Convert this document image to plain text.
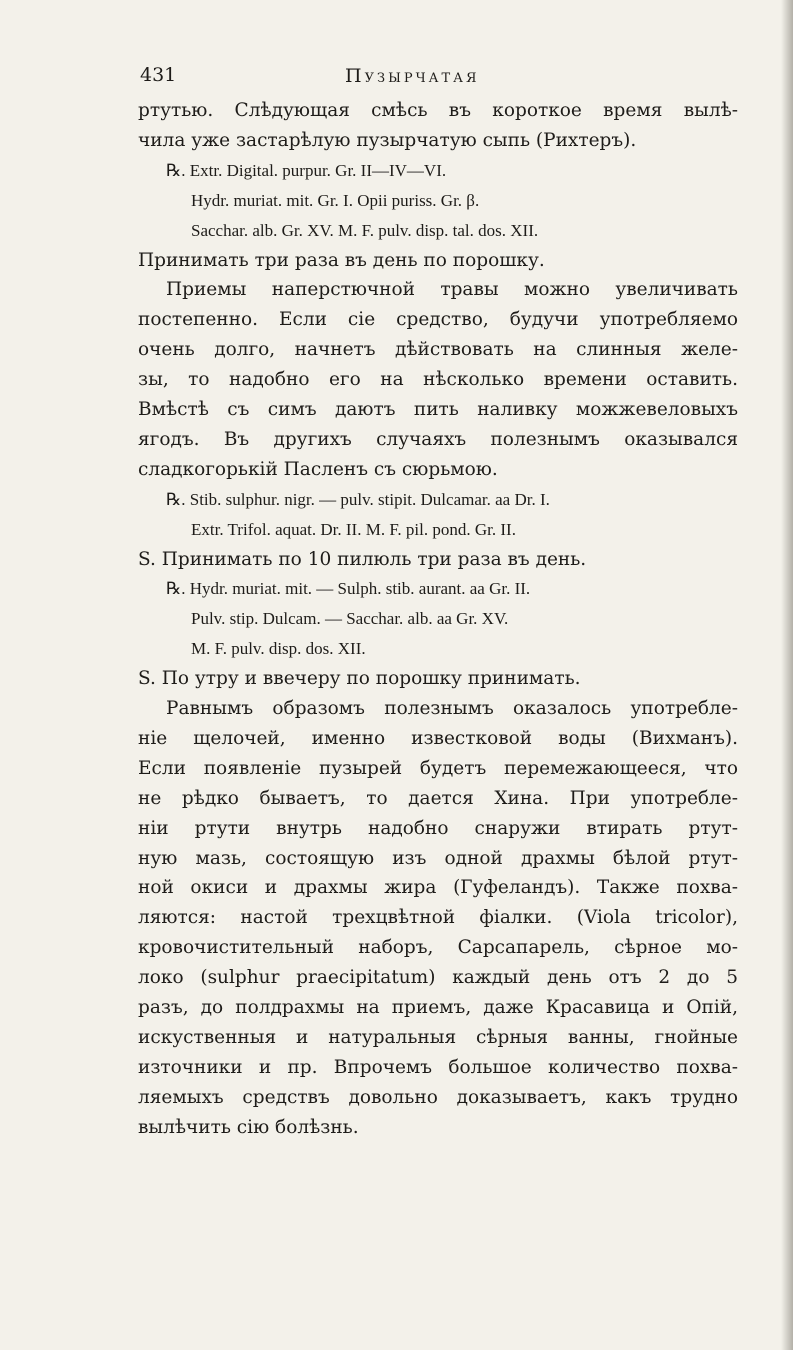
431	Пузырчатая
ртутью. Слѣдующая смѣсь въ короткое время вылѣ-
чила уже застарѣлую пузырчатую сыпь (Рихтеръ).
℞. Extr. Digital. purpur. Gr. II—IV—VI.
Hydr. muriat. mit. Gr. I. Opii puriss. Gr. β.
Sacchar. alb. Gr. XV. M. F. pulv. disp. tal. dos. XII.
Принимать три раза въ день по порошку.
Приемы наперстючной травы можно увеличивать
постепенно. Если сіе средство, будучи употребляемо
очень долго, начнетъ дѣйствовать на слинныя желе-
зы, то надобно его на нѣсколько времени оставить.
Вмѣстѣ съ симъ даютъ пить наливку можжевеловыхъ
ягодъ. Въ другихъ случаяхъ полезнымъ оказывался
сладкогорькій Пасленъ съ сюрьмою.
℞. Stib. sulphur. nigr. — pulv. stipit. Dulcamar. aa Dr. I.
Extr. Trifol. aquat. Dr. II. M. F. pil. pond. Gr. II.
S. Принимать по 10 пилюль три раза въ день.
℞. Hydr. muriat. mit. — Sulph. stib. aurant. aa Gr. II.
Pulv. stip. Dulcam. — Sacchar. alb. aa Gr. XV.
M. F. pulv. disp. dos. XII.
S. По утру и ввечеру по порошку принимать.
Равнымъ образомъ полезнымъ оказалось употребле-
ніе щелочей, именно известковой воды (Вихманъ).
Если появленіе пузырей будетъ перемежающееся, что
не рѣдко бываетъ, то дается Хина. При употребле-
ніи ртути внутрь надобно снаружи втирать ртут-
ную мазь, состоящую изъ одной драхмы бѣлой ртут-
ной окиси и драхмы жира (Гуфеландъ). Также похва-
ляются: настой трехцвѣтной фіалки. (Viola tricolor),
кровочистительный наборъ, Сарсапарель, сѣрное мо-
локо (sulphur praecipitatum) каждый день отъ 2 до 5
разъ, до полдрахмы на приемъ, даже Красавица и Опій,
искуственныя и натуральныя сѣрныя ванны, гнойные
източники и пр. Впрочемъ большое количество похва-
ляемыхъ средствъ довольно доказываетъ, какъ трудно
вылѣчить сію болѣзнь.
